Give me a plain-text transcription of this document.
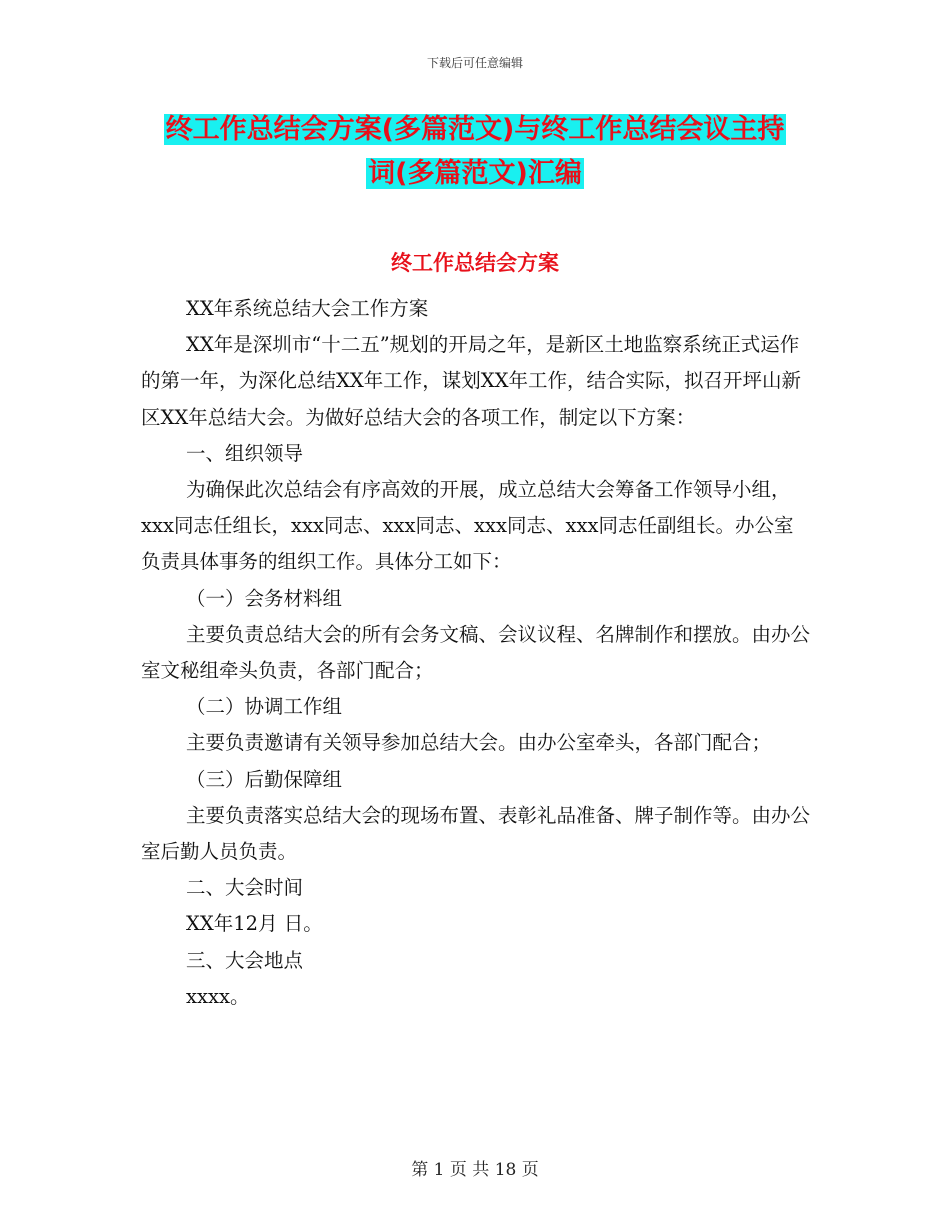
下载后可任意编辑
终工作总结会方案(多篇范文)与终工作总结会议主持
词(多篇范文)汇编
终工作总结会方案

XX年系统总结大会工作方案

XX年是深圳市“十二五”规划的开局之年，是新区土地监察系统正式运作的第一年，为深化总结XX年工作，谋划XX年工作，结合实际，拟召开坪山新区XX年总结大会。为做好总结大会的各项工作，制定以下方案：

一、组织领导

为确保此次总结会有序高效的开展，成立总结大会筹备工作领导小组，xxx同志任组长，xxx同志、xxx同志、xxx同志、xxx同志任副组长。办公室负责具体事务的组织工作。具体分工如下：

（一）会务材料组

主要负责总结大会的所有会务文稿、会议议程、名牌制作和摆放。由办公室文秘组牵头负责，各部门配合；

（二）协调工作组

主要负责邀请有关领导参加总结大会。由办公室牵头，各部门配合；

（三）后勤保障组

主要负责落实总结大会的现场布置、表彰礼品准备、牌子制作等。由办公室后勤人员负责。

二、大会时间

XX年12月 日。

三、大会地点

xxxx。

第 1 页 共 18 页
